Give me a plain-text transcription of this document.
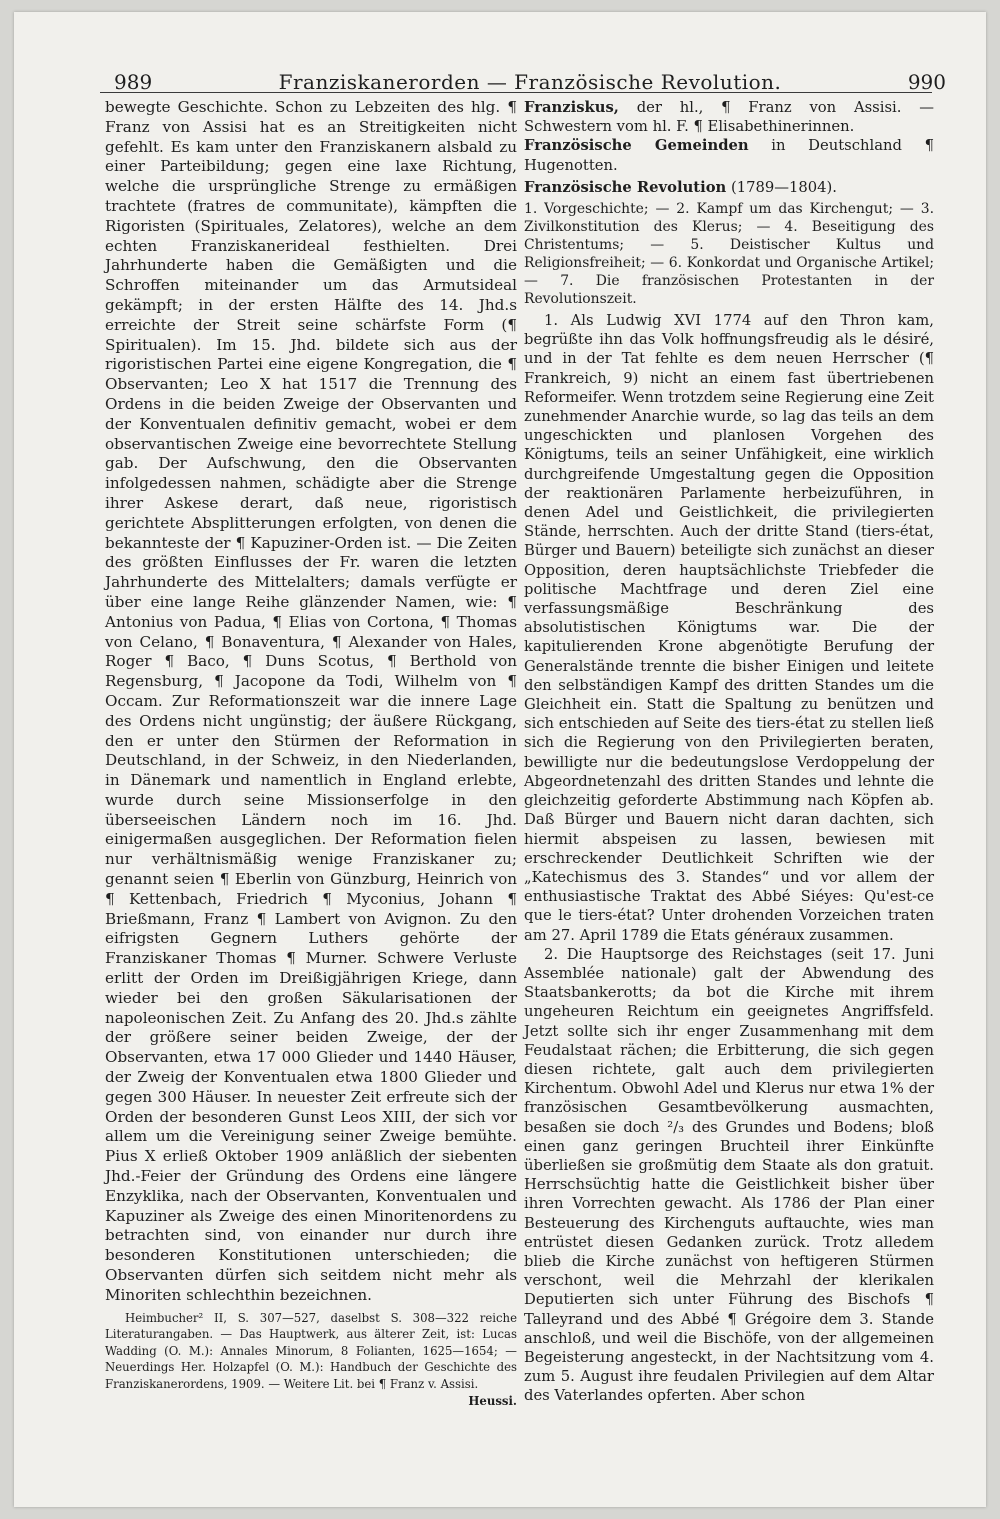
989	Franziskanerorden — Französische Revolution.	990

bewegte Geschichte. Schon zu Lebzeiten des hlg. ¶ Franz von Assisi hat es an Streitigkeiten nicht gefehlt. Es kam unter den Franziskanern alsbald zu einer Parteibildung; gegen eine laxe Richtung, welche die ursprüngliche Strenge zu ermäßigen trachtete (fratres de communitate), kämpften die Rigoristen (Spirituales, Zelatores), welche an dem echten Franziskanerideal festhielten. Drei Jahrhunderte haben die Gemäßigten und die Schroffen miteinander um das Armutsideal gekämpft; in der ersten Hälfte des 14. Jhd.s erreichte der Streit seine schärfste Form (¶ Spiritualen). Im 15. Jhd. bildete sich aus der rigoristischen Partei eine eigene Kongregation, die ¶ Observanten; Leo X hat 1517 die Trennung des Ordens in die beiden Zweige der Observanten und der Konventualen definitiv gemacht, wobei er dem observantischen Zweige eine bevorrechtete Stellung gab. Der Aufschwung, den die Observanten infolgedessen nahmen, schädigte aber die Strenge ihrer Askese derart, daß neue, rigoristisch gerichtete Absplitterungen erfolgten, von denen die bekannteste der ¶ Kapuziner-Orden ist. — Die Zeiten des größten Einflusses der Fr. waren die letzten Jahrhunderte des Mittelalters; damals verfügte er über eine lange Reihe glänzender Namen, wie: ¶ Antonius von Padua, ¶ Elias von Cortona, ¶ Thomas von Celano, ¶ Bonaventura, ¶ Alexander von Hales, Roger ¶ Baco, ¶ Duns Scotus, ¶ Berthold von Regensburg, ¶ Jacopone da Todi, Wilhelm von ¶ Occam. Zur Reformationszeit war die innere Lage des Ordens nicht ungünstig; der äußere Rückgang, den er unter den Stürmen der Reformation in Deutschland, in der Schweiz, in den Niederlanden, in Dänemark und namentlich in England erlebte, wurde durch seine Missionserfolge in den überseeischen Ländern noch im 16. Jhd. einigermaßen ausgeglichen. Der Reformation fielen nur verhältnismäßig wenige Franziskaner zu; genannt seien ¶ Eberlin von Günzburg, Heinrich von ¶ Kettenbach, Friedrich ¶ Myconius, Johann ¶ Brießmann, Franz ¶ Lambert von Avignon. Zu den eifrigsten Gegnern Luthers gehörte der Franziskaner Thomas ¶ Murner. Schwere Verluste erlitt der Orden im Dreißigjährigen Kriege, dann wieder bei den großen Säkularisationen der napoleonischen Zeit. Zu Anfang des 20. Jhd.s zählte der größere seiner beiden Zweige, der der Observanten, etwa 17 000 Glieder und 1440 Häuser, der Zweig der Konventualen etwa 1800 Glieder und gegen 300 Häuser. In neuester Zeit erfreute sich der Orden der besonderen Gunst Leos XIII, der sich vor allem um die Vereinigung seiner Zweige bemühte. Pius X erließ Oktober 1909 anläßlich der siebenten Jhd.-Feier der Gründung des Ordens eine längere Enzyklika, nach der Observanten, Konventualen und Kapuziner als Zweige des einen Minoritenordens zu betrachten sind, von einander nur durch ihre besonderen Konstitutionen unterschieden; die Observanten dürfen sich seitdem nicht mehr als Minoriten schlechthin bezeichnen.

Heimbucher² II, S. 307—527, daselbst S. 308—322 reiche Literaturangaben. — Das Hauptwerk, aus älterer Zeit, ist: Lucas Wadding (O. M.): Annales Minorum, 8 Folianten, 1625—1654; — Neuerdings Her. Holzapfel (O. M.): Handbuch der Geschichte des Franziskanerordens, 1909. — Weitere Lit. bei ¶ Franz v. Assisi.
Heussi.

Franziskus, der hl., ¶ Franz von Assisi. — Schwestern vom hl. F. ¶ Elisabethinerinnen.

Französische Gemeinden in Deutschland ¶ Hugenotten.

Französische Revolution (1789—1804).

1. Vorgeschichte; — 2. Kampf um das Kirchengut; — 3. Zivilkonstitution des Klerus; — 4. Beseitigung des Christentums; — 5. Deistischer Kultus und Religionsfreiheit; — 6. Konkordat und Organische Artikel; — 7. Die französischen Protestanten in der Revolutionszeit.

1. Als Ludwig XVI 1774 auf den Thron kam, begrüßte ihn das Volk hoffnungsfreudig als le désiré, und in der Tat fehlte es dem neuen Herrscher (¶ Frankreich, 9) nicht an einem fast übertriebenen Reformeifer. Wenn trotzdem seine Regierung eine Zeit zunehmender Anarchie wurde, so lag das teils an dem ungeschickten und planlosen Vorgehen des Königtums, teils an seiner Unfähigkeit, eine wirklich durchgreifende Umgestaltung gegen die Opposition der reaktionären Parlamente herbeizuführen, in denen Adel und Geistlichkeit, die privilegierten Stände, herrschten. Auch der dritte Stand (tiers-état, Bürger und Bauern) beteiligte sich zunächst an dieser Opposition, deren hauptsächlichste Triebfeder die politische Machtfrage und deren Ziel eine verfassungsmäßige Beschränkung des absolutistischen Königtums war. Die der kapitulierenden Krone abgenötigte Berufung der Generalstände trennte die bisher Einigen und leitete den selbständigen Kampf des dritten Standes um die Gleichheit ein. Statt die Spaltung zu benützen und sich entschieden auf Seite des tiers-état zu stellen ließ sich die Regierung von den Privilegierten beraten, bewilligte nur die bedeutungslose Verdoppelung der Abgeordnetenzahl des dritten Standes und lehnte die gleichzeitig geforderte Abstimmung nach Köpfen ab. Daß Bürger und Bauern nicht daran dachten, sich hiermit abspeisen zu lassen, bewiesen mit erschreckender Deutlichkeit Schriften wie der „Katechismus des 3. Standes“ und vor allem der enthusiastische Traktat des Abbé Siéyes: Qu'est-ce que le tiers-état? Unter drohenden Vorzeichen traten am 27. April 1789 die Etats généraux zusammen.

2. Die Hauptsorge des Reichstages (seit 17. Juni Assemblée nationale) galt der Abwendung des Staatsbankerotts; da bot die Kirche mit ihrem ungeheuren Reichtum ein geeignetes Angriffsfeld. Jetzt sollte sich ihr enger Zusammenhang mit dem Feudalstaat rächen; die Erbitterung, die sich gegen diesen richtete, galt auch dem privilegierten Kirchentum. Obwohl Adel und Klerus nur etwa 1% der französischen Gesamtbevölkerung ausmachten, besaßen sie doch ²/₃ des Grundes und Bodens; bloß einen ganz geringen Bruchteil ihrer Einkünfte überließen sie großmütig dem Staate als don gratuit. Herrschsüchtig hatte die Geistlichkeit bisher über ihren Vorrechten gewacht. Als 1786 der Plan einer Besteuerung des Kirchenguts auftauchte, wies man entrüstet diesen Gedanken zurück. Trotz alledem blieb die Kirche zunächst von heftigeren Stürmen verschont, weil die Mehrzahl der klerikalen Deputierten sich unter Führung des Bischofs ¶ Talleyrand und des Abbé ¶ Grégoire dem 3. Stande anschloß, und weil die Bischöfe, von der allgemeinen Begeisterung angesteckt, in der Nachtsitzung vom 4. zum 5. August ihre feudalen Privilegien auf dem Altar des Vaterlandes opferten. Aber schon
